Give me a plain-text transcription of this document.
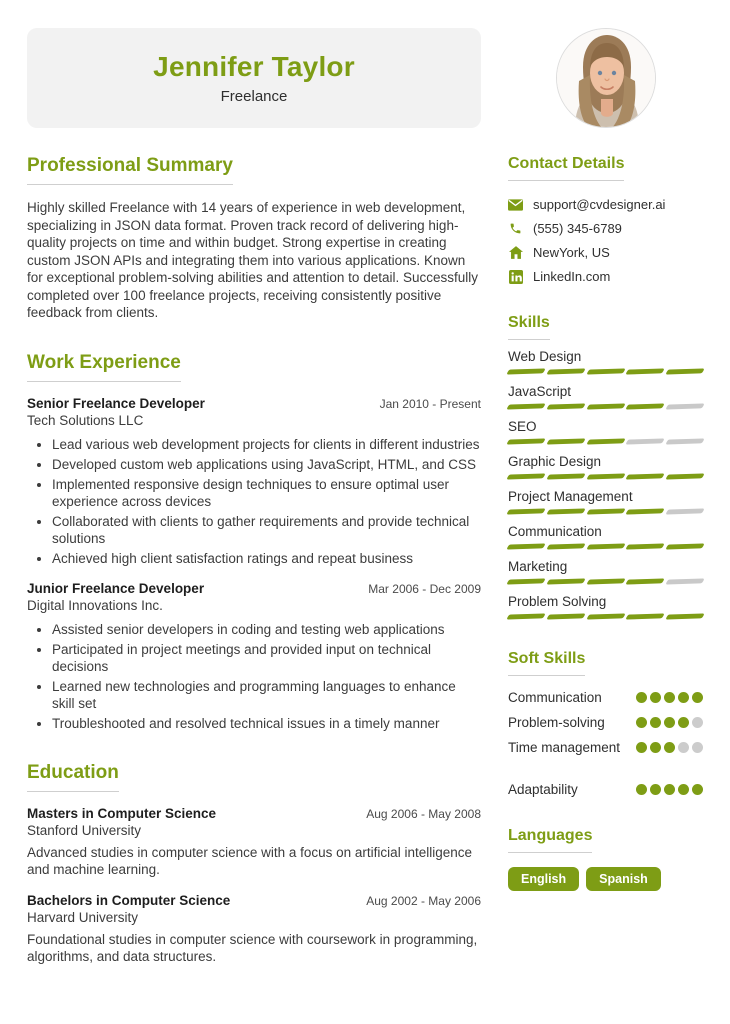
Jennifer Taylor
Freelance
Professional Summary

Highly skilled Freelance with 14 years of experience in web development, specializing in JSON data format. Proven track record of delivering high-quality projects on time and within budget. Strong expertise in creating custom JSON APIs and integrating them into various applications. Known for exceptional problem-solving abilities and attention to detail. Successfully completed over 100 freelance projects, receiving consistently positive feedback from clients.

Work Experience
Senior Freelance Developer	Jan 2010 - Present
Tech Solutions LLC
• Lead various web development projects for clients in different industries
• Developed custom web applications using JavaScript, HTML, and CSS
• Implemented responsive design techniques to ensure optimal user experience across devices
• Collaborated with clients to gather requirements and provide technical solutions
• Achieved high client satisfaction ratings and repeat business
Junior Freelance Developer	Mar 2006 - Dec 2009
Digital Innovations Inc.
• Assisted senior developers in coding and testing web applications
• Participated in project meetings and provided input on technical decisions
• Learned new technologies and programming languages to enhance skill set
• Troubleshooted and resolved technical issues in a timely manner
Education
Masters in Computer Science	Aug 2006 - May 2008
Stanford University

Advanced studies in computer science with a focus on artificial intelligence and machine learning.

Bachelors in Computer Science	Aug 2002 - May 2006
Harvard University

Foundational studies in computer science with coursework in programming, algorithms, and data structures.

Contact Details
support@cvdesigner.ai
(555) 345-6789
NewYork, US
LinkedIn.com
Skills
Web Design
JavaScript
SEO
Graphic Design
Project Management
Communication
Marketing
Problem Solving
Soft Skills
Communication
Problem-solving
Time management
Adaptability
Languages
English	Spanish
